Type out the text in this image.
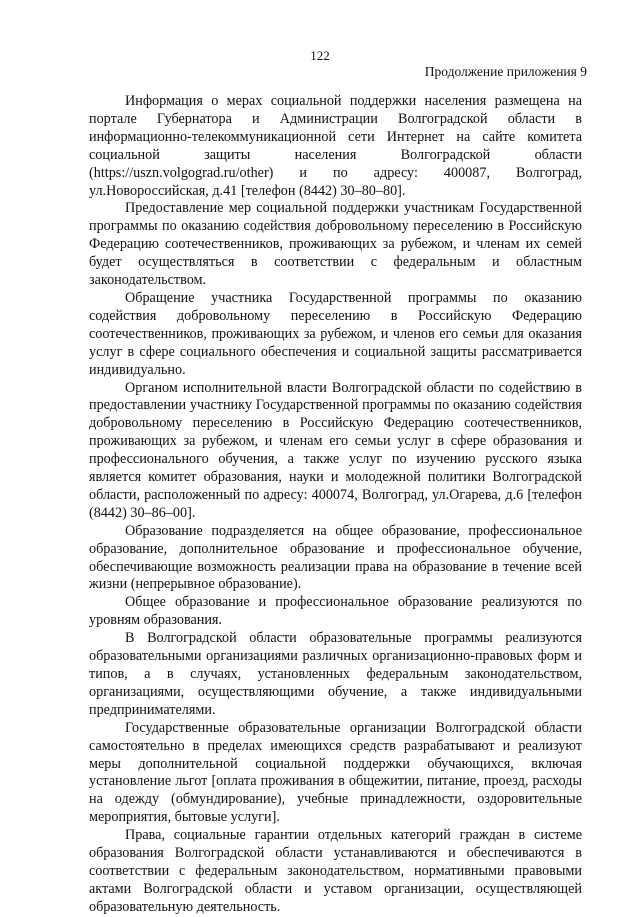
122

Продолжение приложения 9

Информация о мерах социальной поддержки населения размещена на портале Губернатора и Администрации Волгоградской области в информационно-телекоммуникационной сети Интернет на сайте комитета социальной защиты населения Волгоградской области (https://uszn.volgograd.ru/other) и по адресу: 400087, Волгоград, ул.Новороссийская, д.41 [телефон (8442) 30–80–80].

Предоставление мер социальной поддержки участникам Государственной программы по оказанию содействия добровольному переселению в Российскую Федерацию соотечественников, проживающих за рубежом, и членам их семей будет осуществляться в соответствии с федеральным и областным законодательством.

Обращение участника Государственной программы по оказанию содействия добровольному переселению в Российскую Федерацию соотечественников, проживающих за рубежом, и членов его семьи для оказания услуг в сфере социального обеспечения и социальной защиты рассматривается индивидуально.

Органом исполнительной власти Волгоградской области по содействию в предоставлении участнику Государственной программы по оказанию содействия добровольному переселению в Российскую Федерацию соотечественников, проживающих за рубежом, и членам его семьи услуг в сфере образования и профессионального обучения, а также услуг по изучению русского языка является комитет образования, науки и молодежной политики Волгоградской области, расположенный по адресу: 400074, Волгоград, ул.Огарева, д.6 [телефон (8442) 30–86–00].

Образование подразделяется на общее образование, профессиональное образование, дополнительное образование и профессиональное обучение, обеспечивающие возможность реализации права на образование в течение всей жизни (непрерывное образование).

Общее образование и профессиональное образование реализуются по уровням образования.

В Волгоградской области образовательные программы реализуются образовательными организациями различных организационно-правовых форм и типов, а в случаях, установленных федеральным законодательством, организациями, осуществляющими обучение, а также индивидуальными предпринимателями.

Государственные образовательные организации Волгоградской области самостоятельно в пределах имеющихся средств разрабатывают и реализуют меры дополнительной социальной поддержки обучающихся, включая установление льгот [оплата проживания в общежитии, питание, проезд, расходы на одежду (обмундирование), учебные принадлежности, оздоровительные мероприятия, бытовые услуги].

Права, социальные гарантии отдельных категорий граждан в системе образования Волгоградской области устанавливаются и обеспечиваются в соответствии с федеральным законодательством, нормативными правовыми актами Волгоградской области и уставом организации, осуществляющей образовательную деятельность.
